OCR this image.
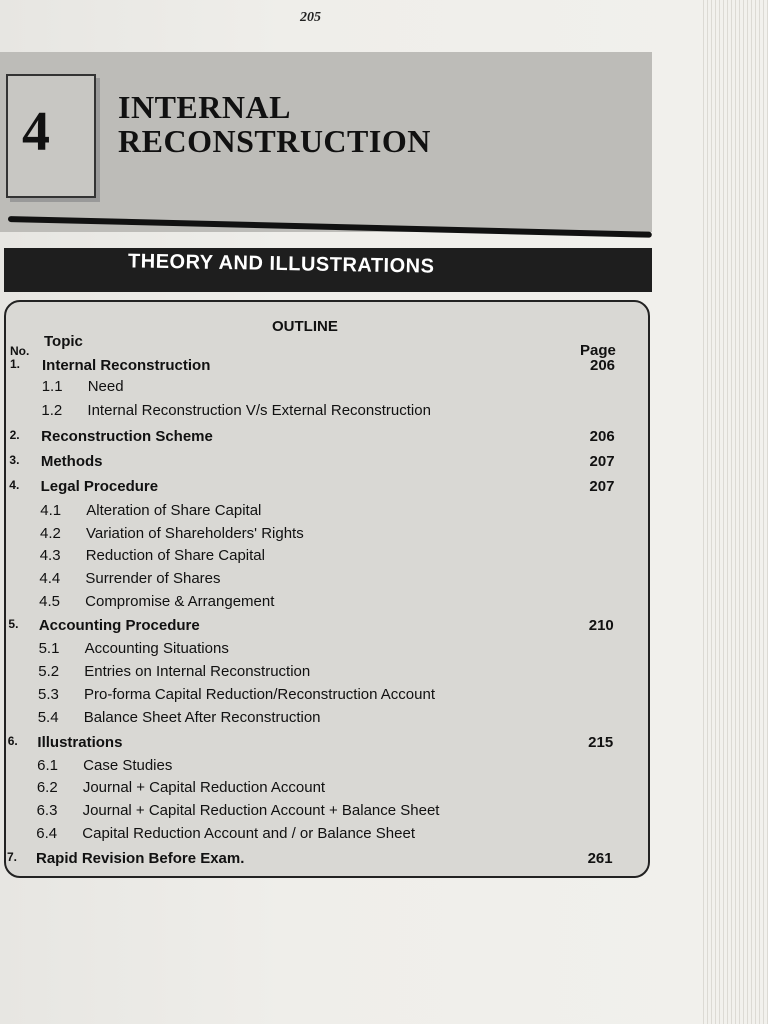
205
4 INTERNAL
RECONSTRUCTION
THEORY AND ILLUSTRATIONS
OUTLINE
No.
Topic
Page
1. Internal Reconstruction	206
1.1 Need
1.2 Internal Reconstruction V/s External Reconstruction
2. Reconstruction Scheme	206
3. Methods	207
4. Legal Procedure	207
4.1 Alteration of Share Capital
4.2 Variation of Shareholders' Rights
4.3 Reduction of Share Capital
4.4 Surrender of Shares
4.5 Compromise & Arrangement
5. Accounting Procedure	210
5.1 Accounting Situations
5.2 Entries on Internal Reconstruction
5.3 Pro-forma Capital Reduction/Reconstruction Account
5.4 Balance Sheet After Reconstruction
6. Illustrations	215
6.1 Case Studies
6.2 Journal + Capital Reduction Account
6.3 Journal + Capital Reduction Account + Balance Sheet
6.4 Capital Reduction Account and / or Balance Sheet
7. Rapid Revision Before Exam.	261
